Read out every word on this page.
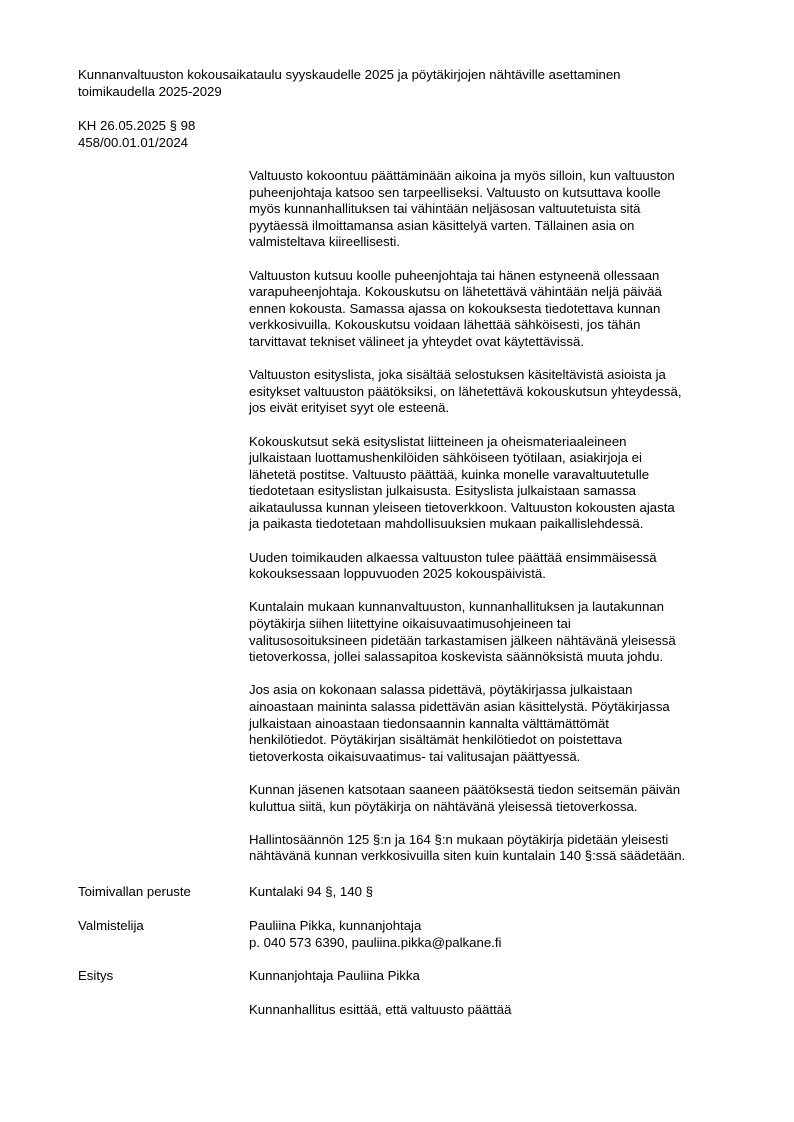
Kunnanvaltuuston kokousaikataulu syyskaudelle 2025 ja pöytäkirjojen nähtäville asettaminen

toimikaudella 2025-2029

KH 26.05.2025 § 98

458/00.01.01/2024

Valtuusto kokoontuu päättäminään aikoina ja myös silloin, kun valtuuston
puheenjohtaja katsoo sen tarpeelliseksi. Valtuusto on kutsuttava koolle
myös kunnanhallituksen tai vähintään neljäsosan valtuutetuista sitä
pyytäessä ilmoittamansa asian käsittelyä varten. Tällainen asia on
valmisteltava kiireellisesti.

Valtuuston kutsuu koolle puheenjohtaja tai hänen estyneenä ollessaan
varapuheenjohtaja. Kokouskutsu on lähetettävä vähintään neljä päivää
ennen kokousta. Samassa ajassa on kokouksesta tiedotettava kunnan
verkkosivuilla. Kokouskutsu voidaan lähettää sähköisesti, jos tähän
tarvittavat tekniset välineet ja yhteydet ovat käytettävissä.

Valtuuston esityslista, joka sisältää selostuksen käsiteltävistä asioista ja
esitykset valtuuston päätöksiksi, on lähetettävä kokouskutsun yhteydessä,
jos eivät erityiset syyt ole esteenä.

Kokouskutsut sekä esityslistat liitteineen ja oheismateriaaleineen
julkaistaan luottamushenkilöiden sähköiseen työtilaan, asiakirjoja ei
lähetetä postitse. Valtuusto päättää, kuinka monelle varavaltuutetulle
tiedotetaan esityslistan julkaisusta. Esityslista julkaistaan samassa
aikataulussa kunnan yleiseen tietoverkkoon. Valtuuston kokousten ajasta
ja paikasta tiedotetaan mahdollisuuksien mukaan paikallislehdessä.

Uuden toimikauden alkaessa valtuuston tulee päättää ensimmäisessä
kokouksessaan loppuvuoden 2025 kokouspäivistä.

Kuntalain mukaan kunnanvaltuuston, kunnanhallituksen ja lautakunnan
pöytäkirja siihen liitettyine oikaisuvaatimusohjeineen tai
valitusosoituksineen pidetään tarkastamisen jälkeen nähtävänä yleisessä
tietoverkossa, jollei salassapitoa koskevista säännöksistä muuta johdu.

Jos asia on kokonaan salassa pidettävä, pöytäkirjassa julkaistaan
ainoastaan maininta salassa pidettävän asian käsittelystä. Pöytäkirjassa
julkaistaan ainoastaan tiedonsaannin kannalta välttämättömät
henkilötiedot. Pöytäkirjan sisältämät henkilötiedot on poistettava
tietoverkosta oikaisuvaatimus- tai valitusajan päättyessä.

Kunnan jäsenen katsotaan saaneen päätöksestä tiedon seitsemän päivän
kuluttua siitä, kun pöytäkirja on nähtävänä yleisessä tietoverkossa.

Hallintosäännön 125 §:n ja 164 §:n mukaan pöytäkirja pidetään yleisesti
nähtävänä kunnan verkkosivuilla siten kuin kuntalain 140 §:ssä säädetään.

Toimivallan peruste	Kuntalaki 94 §, 140 §
Valmistelija	Pauliina Pikka, kunnanjohtaja
p. 040 573 6390, pauliina.pikka@palkane.fi
Esitys	Kunnanjohtaja Pauliina Pikka
Kunnanhallitus esittää, että valtuusto päättää
